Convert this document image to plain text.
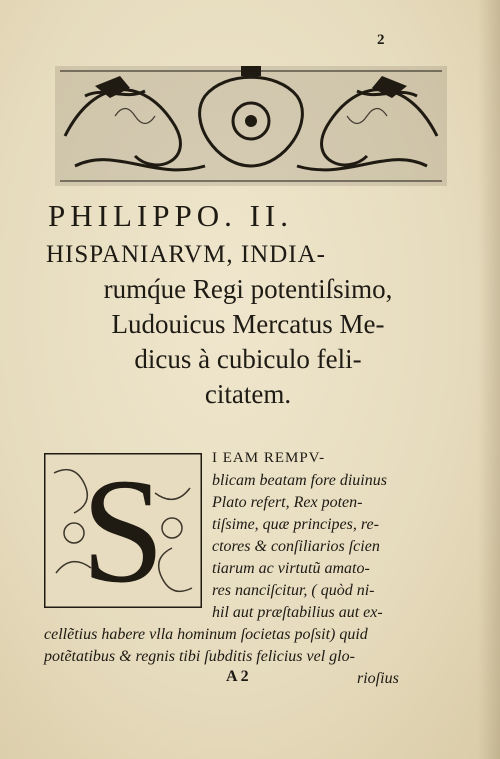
2
PHILIPPO. II.
HISPANIARVM, INDIA-
rumq́ue Regi potentiſsimo,
Ludouicus Mercatus Me-
dicus à cubiculo feli-
citatem.
S	I EAM REMPV-
blicam beatam fore diuinus
Plato refert, Rex poten-
tiſsime, quæ principes, re-
ctores & conſiliarios ſcien
tiarum ac virtutũ amato-
res nanciſcitur, ( quòd ni-
hil aut præſtabilius aut ex-
cellẽtius habere vlla hominum ſocietas poſsit) quid
potẽtatibus & regnis tibi ſubditis felicius vel glo-
A 2	rioſius
